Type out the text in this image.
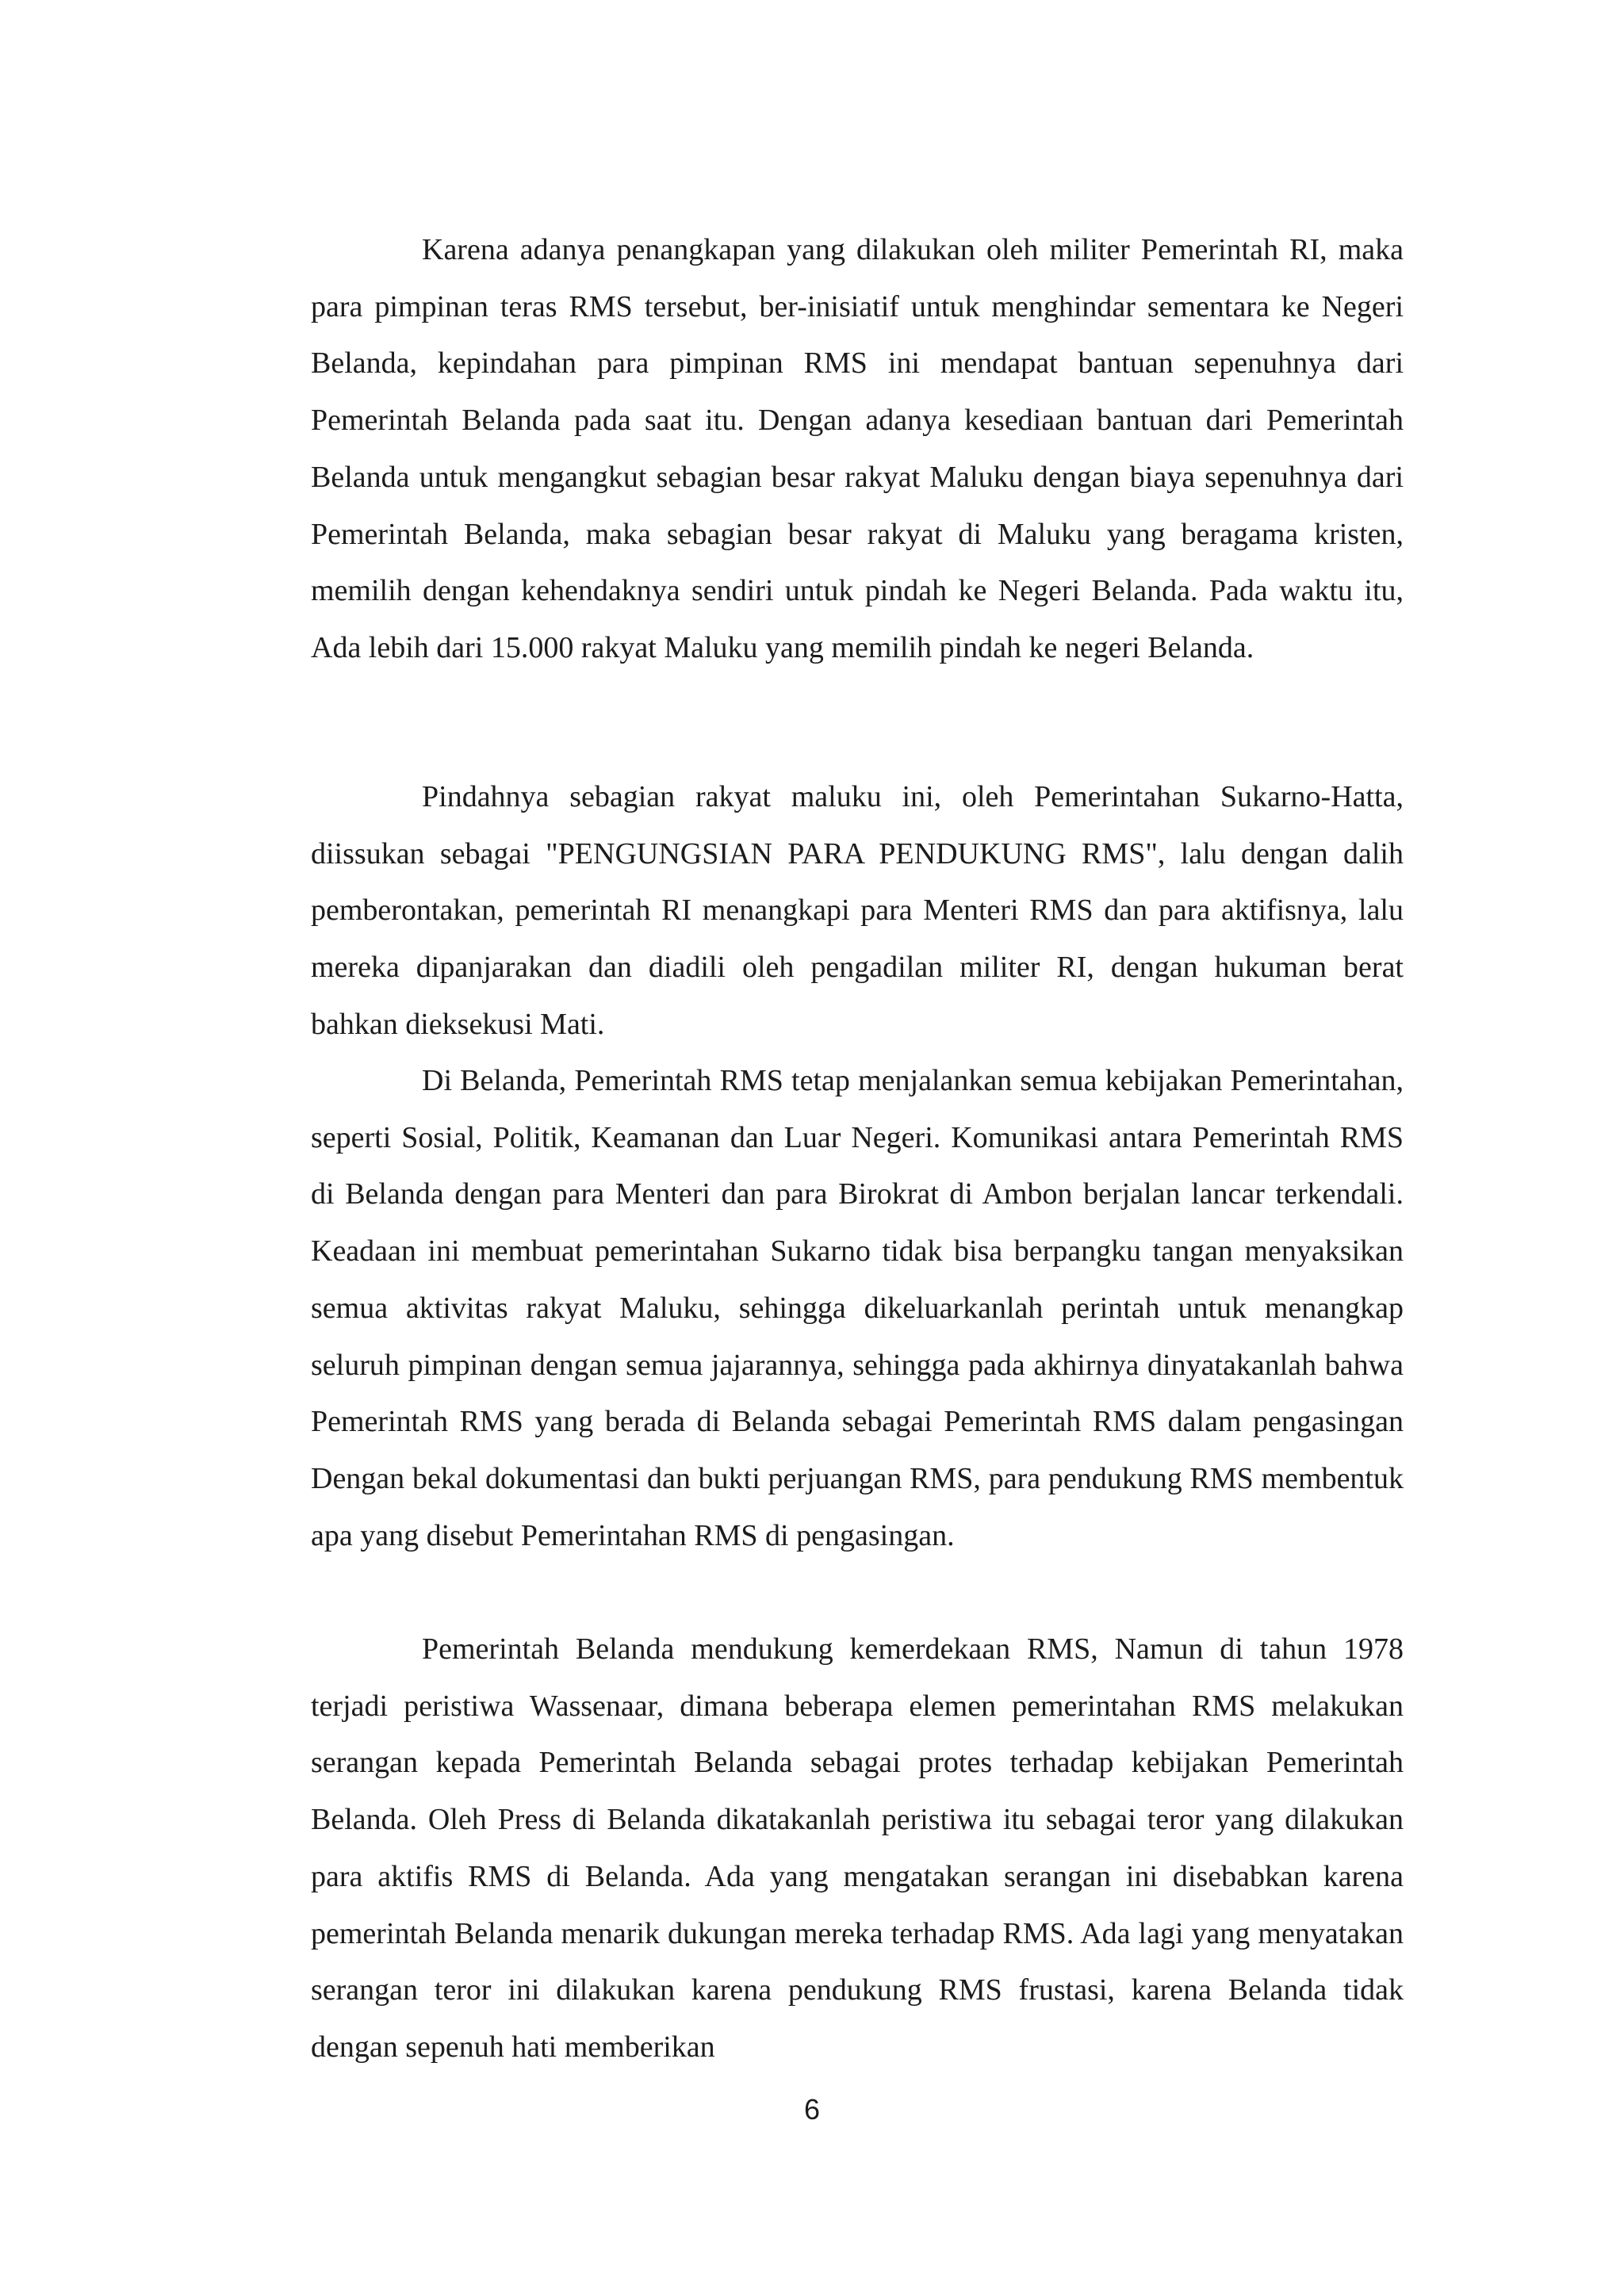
Karena adanya penangkapan yang dilakukan oleh militer Pemerintah RI, maka para pimpinan teras RMS tersebut, ber-inisiatif untuk menghindar sementara ke Negeri Belanda, kepindahan para pimpinan RMS ini mendapat bantuan sepenuhnya dari Pemerintah Belanda pada saat itu. Dengan adanya kesediaan bantuan dari Pemerintah Belanda untuk mengangkut sebagian besar rakyat Maluku dengan biaya sepenuhnya dari Pemerintah Belanda, maka sebagian besar rakyat di Maluku yang beragama kristen, memilih dengan kehendaknya sendiri untuk pindah ke Negeri Belanda. Pada waktu itu, Ada lebih dari 15.000 rakyat Maluku yang memilih pindah ke negeri Belanda.

Pindahnya sebagian rakyat maluku ini, oleh Pemerintahan Sukarno-Hatta, diissukan sebagai "PENGUNGSIAN PARA PENDUKUNG RMS", lalu dengan dalih pemberontakan, pemerintah RI menangkapi para Menteri RMS dan para aktifisnya, lalu mereka dipanjarakan dan diadili oleh pengadilan militer RI, dengan hukuman berat bahkan dieksekusi Mati.

Di Belanda, Pemerintah RMS tetap menjalankan semua kebijakan Pemerintahan, seperti Sosial, Politik, Keamanan dan Luar Negeri. Komunikasi antara Pemerintah RMS di Belanda dengan para Menteri dan para Birokrat di Ambon berjalan lancar terkendali. Keadaan ini membuat pemerintahan Sukarno tidak bisa berpangku tangan menyaksikan semua aktivitas rakyat Maluku, sehingga dikeluarkanlah perintah untuk menangkap seluruh pimpinan dengan semua jajarannya, sehingga pada akhirnya dinyatakanlah bahwa Pemerintah RMS yang berada di Belanda sebagai Pemerintah RMS dalam pengasingan Dengan bekal dokumentasi dan bukti perjuangan RMS, para pendukung RMS membentuk apa yang disebut Pemerintahan RMS di pengasingan.

Pemerintah Belanda mendukung kemerdekaan RMS, Namun di tahun 1978 terjadi peristiwa Wassenaar, dimana beberapa elemen pemerintahan RMS melakukan serangan kepada Pemerintah Belanda sebagai protes terhadap kebijakan Pemerintah Belanda. Oleh Press di Belanda dikatakanlah peristiwa itu sebagai teror yang dilakukan para aktifis RMS di Belanda. Ada yang mengatakan serangan ini disebabkan karena pemerintah Belanda menarik dukungan mereka terhadap RMS. Ada lagi yang menyatakan serangan teror ini dilakukan karena pendukung RMS frustasi, karena Belanda tidak dengan sepenuh hati memberikan

6
